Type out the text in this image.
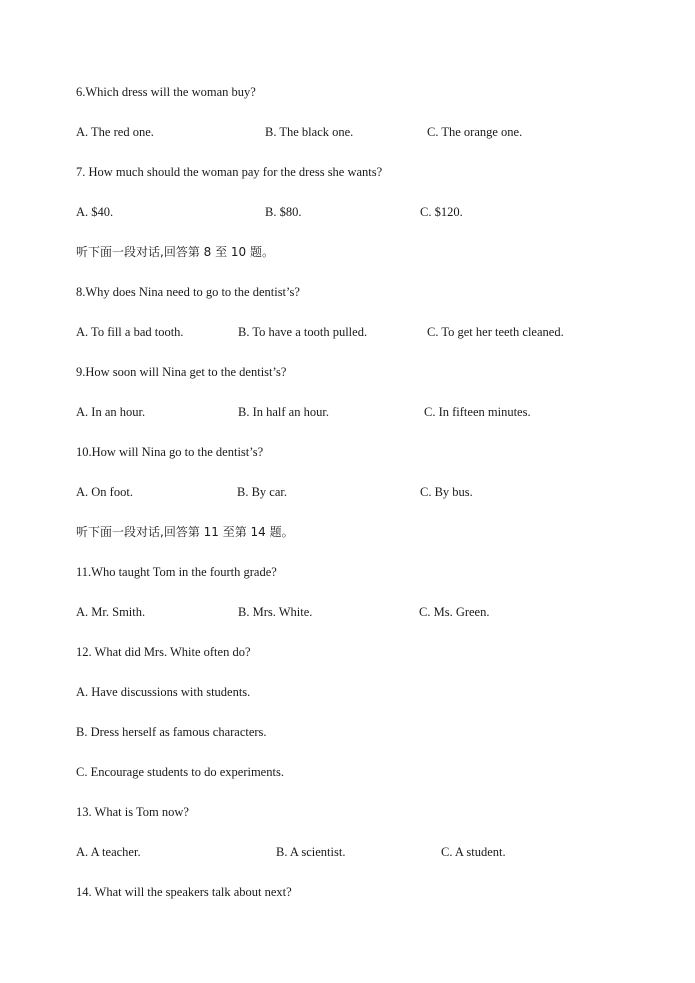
6.Which dress will the woman buy?
A. The red one.	B. The black one.	C. The orange one.
7. How much should the woman pay for the dress she wants?
A. $40.	B. $80.	C. $120.
听下面一段对话,回答第 8 至 10 题。
8.Why does Nina need to go to the dentist’s?
A. To fill a bad tooth.	B. To have a tooth pulled.	C. To get her teeth cleaned.
9.How soon will Nina get to the dentist’s?
A. In an hour.	B. In half an hour.	C. In fifteen minutes.
10.How will Nina go to the dentist’s?
A. On foot.	B. By car.	C. By bus.
听下面一段对话,回答第 11 至第 14 题。
11.Who taught Tom in the fourth grade?
A. Mr. Smith.	B. Mrs. White.	C. Ms. Green.
12. What did Mrs. White often do?
A. Have discussions with students.
B. Dress herself as famous characters.
C. Encourage students to do experiments.
13. What is Tom now?
A. A teacher.	B. A scientist.	C. A student.
14. What will the speakers talk about next?
